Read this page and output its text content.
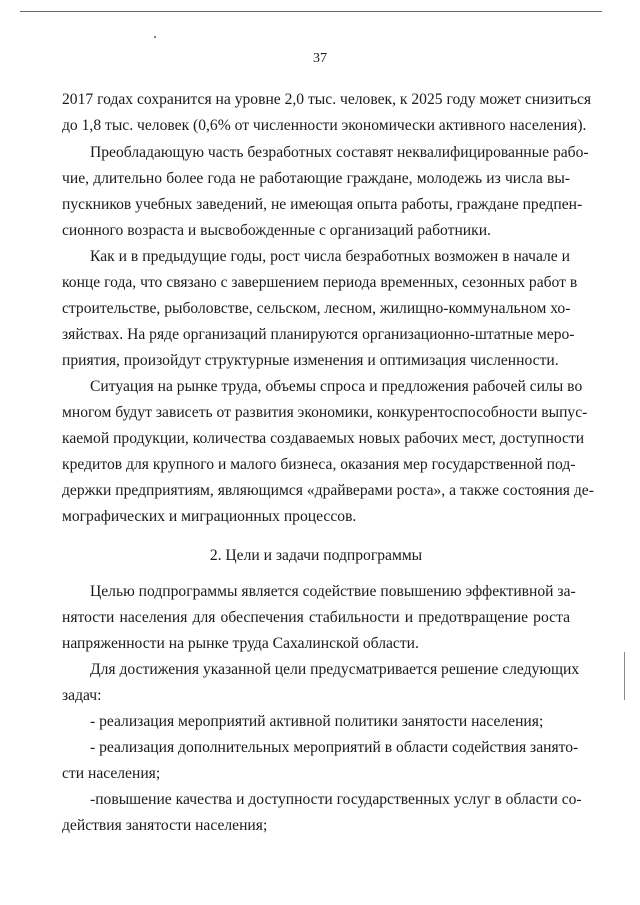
37
2017 годах сохранится на уровне 2,0 тыс. человек, к 2025 году может снизиться
до 1,8 тыс. человек (0,6% от численности экономически активного населения).
Преобладающую часть безработных составят неквалифицированные рабо-
чие, длительно более года не работающие граждане, молодежь из числа вы-
пускников учебных заведений, не имеющая опыта работы, граждане предпен-
сионного возраста и высвобожденные с организаций работники.
Как и в предыдущие годы, рост числа безработных возможен в начале и
конце года, что связано с завершением периода временных, сезонных работ в
строительстве, рыболовстве, сельском, лесном, жилищно-коммунальном хо-
зяйствах. На ряде организаций планируются организационно-штатные меро-
приятия, произойдут структурные изменения и оптимизация численности.
Ситуация на рынке труда, объемы спроса и предложения рабочей силы во
многом будут зависеть от развития экономики, конкурентоспособности выпус-
каемой продукции, количества создаваемых новых рабочих мест, доступности
кредитов для крупного и малого бизнеса, оказания мер государственной под-
держки предприятиям, являющимся «драйверами роста», а также состояния де-
мографических и миграционных процессов.
2. Цели и задачи подпрограммы
Целью подпрограммы является содействие повышению эффективной за-
нятости населения для обеспечения стабильности и предотвращение роста
напряженности на рынке труда Сахалинской области.
Для достижения указанной цели предусматривается решение следующих
задач:
- реализация мероприятий активной политики занятости населения;
- реализация дополнительных мероприятий в области содействия занято-
сти населения;
-повышение качества и доступности государственных услуг в области со-
действия занятости населения;
